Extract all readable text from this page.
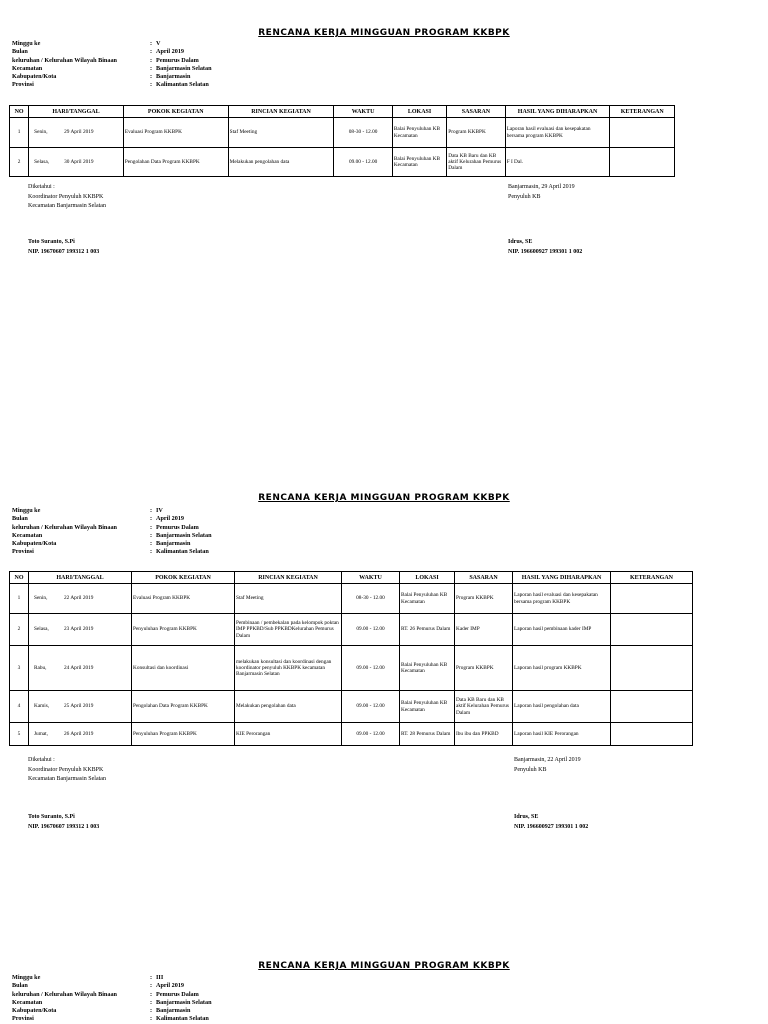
RENCANA KERJA MINGGUAN PROGRAM KKBPK
Minggu ke	: V
Bulan	: April 2019
keluruhan / Kelurahan Wilayah Binaan	: Pemurus Dalam
Kecamatan	: Banjarmasin Selatan
Kabupaten/Kota	: Banjarmasin
Provinsi	: Kalimantan Selatan
NO	HARI/TANGGAL	POKOK KEGIATAN	RINCIAN KEGIATAN	WAKTU	LOKASI	SASARAN	HASIL YANG DIHARAPKAN	KETERANGAN
1	Senin, 29 April 2019	Evaluasi Program KKBPK	Staf Meeting	08-30 - 12.00	Balai Penyuluhan KB Kecamatan	Program KKBPK	Laporan hasil evaluasi dan kesepakatan bersama program KKBPK	
2	Selasa, 30 April 2019	Pengolahan Data Program KKBPK	Melakukan pengolahan data	09.00 - 12.00	Balai Penyuluhan KB Kecamatan	Data KB Baru dan KB aktif Kelurahan Pemurus Dalam	F I Dal.	
Diketahui :
Koordinator Penyuluh KKBPK
Kecamatan Banjarmasin Selatan
Toto Suranto, S.Pi
NIP. 19670607 199312 1 003
Banjarmasin, 29 April 2019
Penyuluh KB
Idrus, SE
NIP. 196600927 199301 1 002
RENCANA KERJA MINGGUAN PROGRAM KKBPK
Minggu ke	: IV
Bulan	: April 2019
keluruhan / Kelurahan Wilayah Binaan	: Pemurus Dalam
Kecamatan	: Banjarmasin Selatan
Kabupaten/Kota	: Banjarmasin
Provinsi	: Kalimantan Selatan
NO	HARI/TANGGAL	POKOK KEGIATAN	RINCIAN KEGIATAN	WAKTU	LOKASI	SASARAN	HASIL YANG DIHARAPKAN	KETERANGAN
1	Senin, 22 April 2019	Evaluasi Program KKBPK	Staf Meeting	08-30 - 12.00	Balai Penyuluhan KB Kecamatan	Program KKBPK	Laporan hasil evaluasi dan kesepakatan bersama program KKBPK	
2	Selasa, 23 April 2019	Penyuluhan Program KKBPK	Pembinaan / pembekalan pada kelompok poktan IMP PPKBD/Sub PPKBDKelurahan Pemurus Dalam	09.00 - 12.00	RT. 26 Pemurus Dalam	Kader IMP	Laporan hasil pembinaan kader IMP	
3	Rabu, 24 April 2019	Konsultasi dan koordinasi	melakukan konsultasi dan koordinasi dengan koordinator penyuluh KKBPK kecamatan Banjarmasin Selatan	09.00 - 12.00	Balai Penyuluhan KB Kecamatan	Program KKBPK	Laporan hasil program KKBPK	
4	Kamis, 25 April 2019	Pengolahan Data Program KKBPK	Melakukan pengolahan data	09.00 - 12.00	Balai Penyuluhan KB Kecamatan	Data KB Baru dan KB aktif Kelurahan Pemurus Dalam	Laporan hasil pengolahan data	
5	Jumat, 26 April 2019	Penyuluhan Program KKBPK	KIE Perorangan	09.00 - 12.00	RT. 28 Pemurus Dalam	Ibu ibu dan PPKBD	Laporan hasil KIE Perorangan	
Diketahui :
Koordinator Penyuluh KKBPK
Kecamatan Banjarmasin Selatan
Toto Suranto, S.Pi
NIP. 19670607 199312 1 003
Banjarmasin, 22 April 2019
Penyuluh KB
Idrus, SE
NIP. 196600927 199301 1 002
RENCANA KERJA MINGGUAN PROGRAM KKBPK
Minggu ke	: III
Bulan	: April 2019
keluruhan / Kelurahan Wilayah Binaan	: Pemurus Dalam
Kecamatan	: Banjarmasin Selatan
Kabupaten/Kota	: Banjarmasin
Provinsi	: Kalimantan Selatan
